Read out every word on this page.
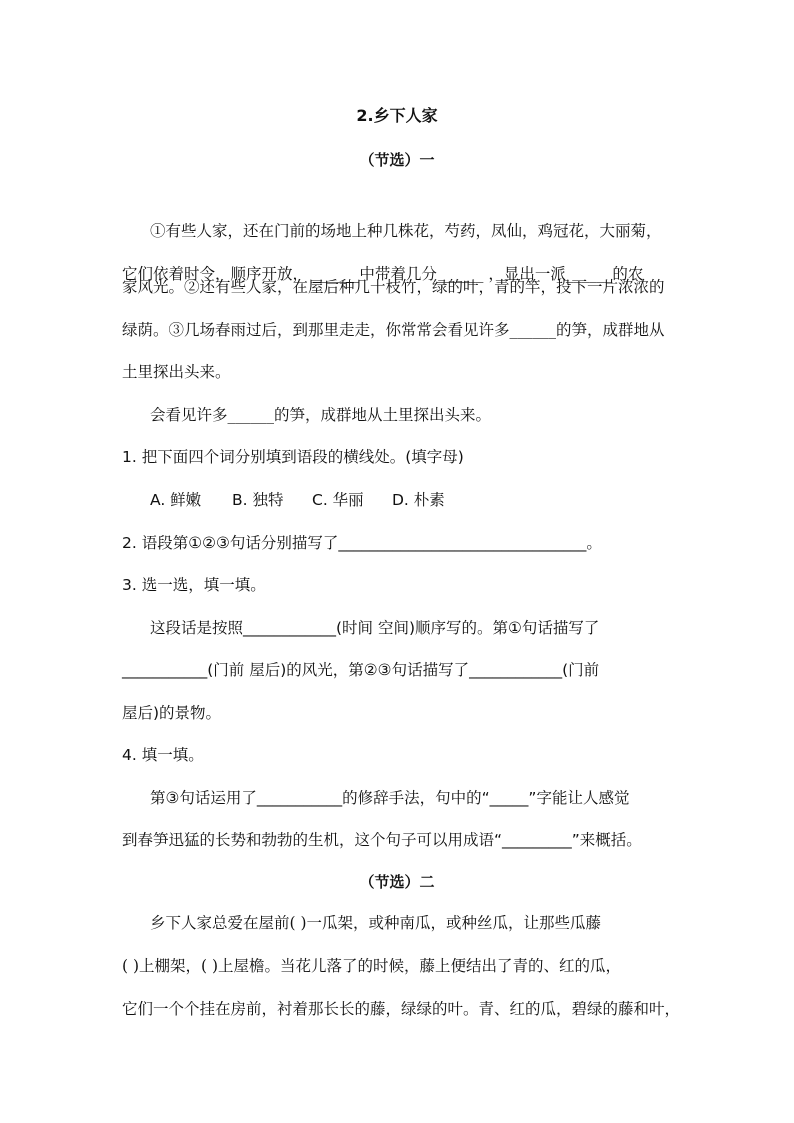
2.乡下人家
（节选）一
①有些人家，还在门前的场地上种几株花，芍药，凤仙，鸡冠花，大丽菊，
它们依着时令，顺序开放， ______中带着几分______ ，显出一派______的农
家风光。②还有些人家，在屋后种几十枝竹，绿的叶，青的竿，投下一片浓浓的
绿荫。③几场春雨过后，到那里走走，你常常会看见许多______的笋，成群地从
土里探出头来。
会看见许多______的笋，成群地从土里探出头来。
1. 把下面四个词分别填到语段的横线处。(填字母)
A. 鲜嫩 B. 独特 C. 华丽 D. 朴素
2. 语段第①②③句话分别描写了________________________________。
3. 选一选，填一填。
这段话是按照____________(时间 空间)顺序写的。第①句话描写了
___________(门前 屋后)的风光，第②③句话描写了____________(门前
屋后)的景物。
4. 填一填。
第③句话运用了___________的修辞手法，句中的“_____”字能让人感觉
到春笋迅猛的长势和勃勃的生机，这个句子可以用成语“_________”来概括。
（节选）二
乡下人家总爱在屋前( )一瓜架，或种南瓜，或种丝瓜，让那些瓜藤
( )上棚架，( )上屋檐。当花儿落了的时候，藤上便结出了青的、红的瓜，
它们一个个挂在房前，衬着那长长的藤，绿绿的叶。青、红的瓜，碧绿的藤和叶，
